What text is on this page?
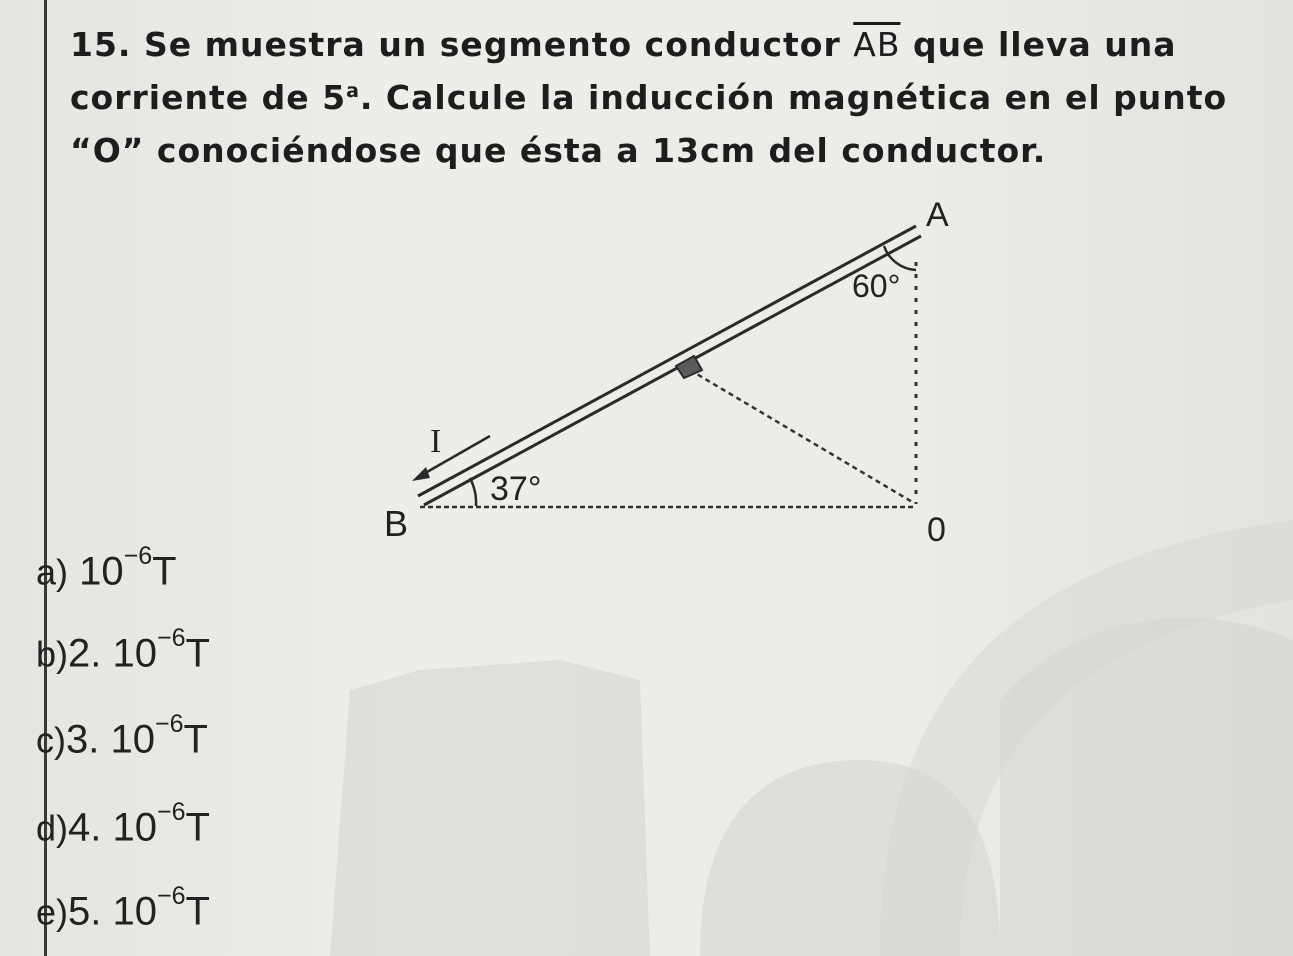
15. Se muestra un segmento conductor $\overline{AB}$ que lleva una
corriente de 5$^a$. Calcule la inducción magnética en el punto
“O” conociéndose que ésta a 13cm del conductor.
A
B	0
I
60°
37°
a) $10^{-6}T$
b)2. $10^{-6}T$
c)3. $10^{-6}T$
d)4. $10^{-6}T$
e)5. $10^{-6}T$
